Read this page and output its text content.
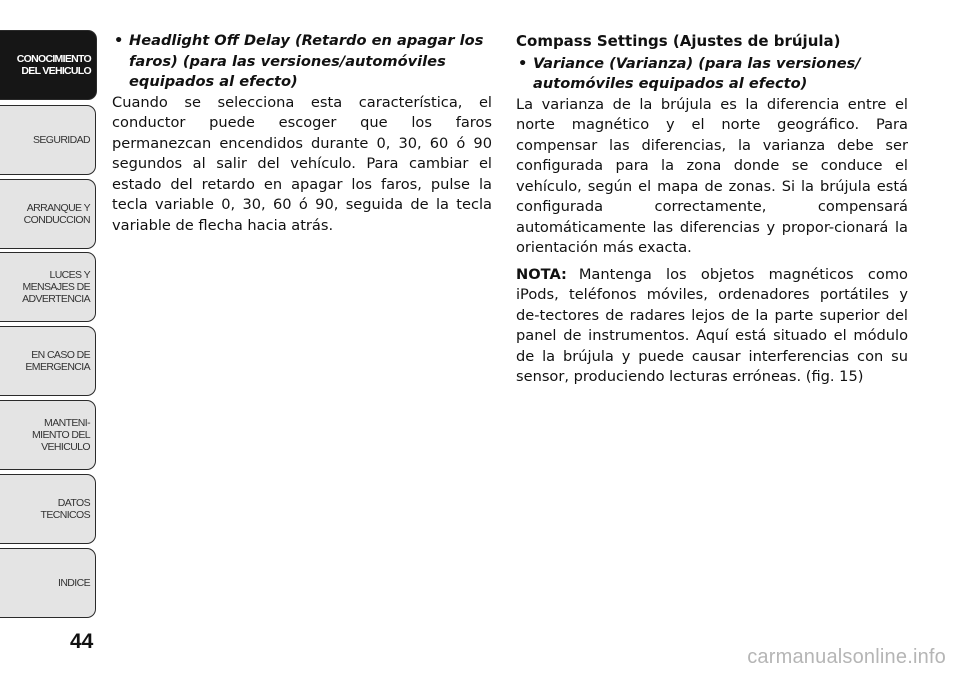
CONOCIMIENTO
DEL VEHICULO
SEGURIDAD
ARRANQUE Y
CONDUCCION
LUCES Y
MENSAJES DE
ADVERTENCIA
EN CASO DE
EMERGENCIA
MANTENI-
MIENTO DEL
VEHICULO
DATOS
TECNICOS
INDICE
44
• Headlight Off Delay (Retardo en apagar los faros) (para las versiones/automóviles equipados al efecto)

Cuando se selecciona esta característica, el conductor puede escoger que los faros permanezcan encendidos durante 0, 30, 60 ó 90 segundos al salir del vehículo. Para cambiar el estado del retardo en apagar los faros, pulse la tecla variable 0, 30, 60 ó 90, seguida de la tecla variable de flecha hacia atrás.

Compass Settings (Ajustes de brújula)
• Variance (Varianza) (para las versiones/ automóviles equipados al efecto)

La varianza de la brújula es la diferencia entre el norte magnético y el norte geográfico. Para compensar las diferencias, la varianza debe ser configurada para la zona donde se conduce el vehículo, según el mapa de zonas. Si la brújula está configurada correctamente, compensará automáticamente las diferencias y propor-cionará la orientación más exacta.

NOTA: Mantenga los objetos magnéticos como iPods, teléfonos móviles, ordenadores portátiles y de-tectores de radares lejos de la parte superior del panel de instrumentos. Aquí está situado el módulo de la brújula y puede causar interferencias con su sensor, produciendo lecturas erróneas. (fig. 15)

carmanualsonline.info
